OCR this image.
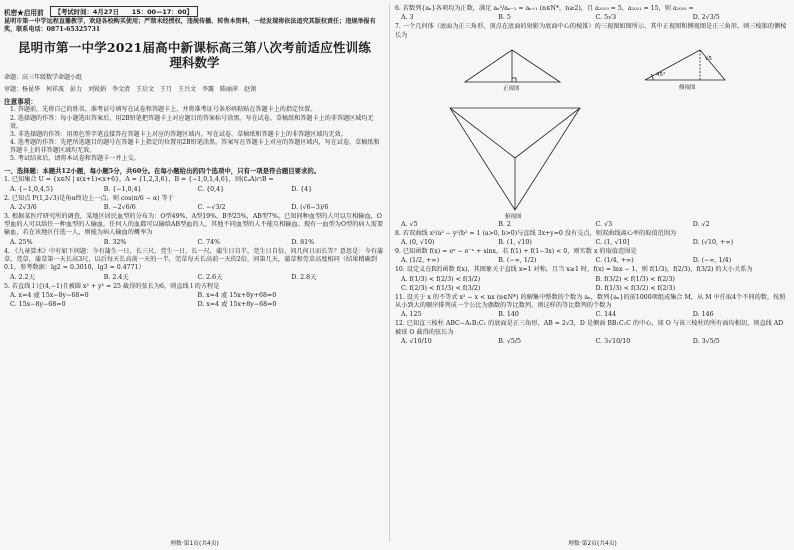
机密★启用前	【考试时间：4月27日　　15：00—17：00】
昆明市第一中学远程直播教学，欢迎各校购买使用；严禁未经授权，违规传播、转售本资料，一经发现将依法追究其版权责任；违规举报有奖，联系电话：0871-65325731
昆明市第一中学2021届高中新课标高三第八次考前适应性训练
理科数学
命题：高三年级数学命题小组
审题：杨昆华　何祥波　彭力　刘锐娟　李文清　王启文　王月　王兴文　李露　陈丽萍　赵翎
注意事项：
1. 答题前，先将自己的姓名、准考证号填写在试卷和答题卡上，并将准考证号条形码粘贴在答题卡上的指定位置。
2. 选择题的作答：每小题选出答案后，用2B铅笔把答题卡上对应题目的答案标号涂黑。写在试卷、草稿纸和答题卡上的非答题区域均无效。
3. 非选择题的作答：用黑色签字笔直接答在答题卡上对应的答题区域内。写在试卷、草稿纸和答题卡上的非答题区域均无效。
4. 选考题的作答：先把所选题目的题号在答题卡上指定的位置用2B铅笔涂黑。答案写在答题卡上对应的答题区域内，写在试卷、草稿纸和答题卡上的非答题区域均无效。
5. 考试结束后，请将本试卷和答题卡一并上交。
一、选择题：本题共12小题，每小题5分，共60分。在每小题给出的四个选项中，只有一项是符合题目要求的。
1. 已知集合 U = {x∈N | x(x+1)<x+6}，A = {1,2,3,6}，B = {−1,0,1,4,6}，则(∁ᵤA)∩B =
A. {−1,0,4,5}	B. {−1,0,4}	C. {0,4}	D. {4}
2. 已知点 P(1,2√3)是角α终边上一点，则 cos(π/6 − α) 等于
A. 2√3/6	B. −2√6/6	C. −√3/2	D. (√6−3)/6
3. 根据某医疗研究所的调查，某地区居民血型的分布为：O型49%，A型19%，B型25%，AB型7%。已知同种血型的人可以互相输血，O型血的人可以给任一种血型的人输血，任何人的血都可以输给AB型血的人，其他不同血型的人不能互相输血。现有一血型为O型的病人需要输血，若在该地区任选一人，则能为病人输血的概率为
A. 25%	B. 32%	C. 74%	D. 81%
4. 《九章算术》中有如下问题：今有蒲生一日，长三尺，莞生一日，长一尺，蒲生日自半，莞生日自倍，问几何日而长等？意思是：今有蒲草、莞草，蒲草第一天长高3尺，以后每天长高前一天的一半，莞草每天长高前一天的2倍，问第几天，蒲草和莞草高度相同（结果精确到0.1，参考数据：lg2 ≈ 0.3010，lg3 ≈ 0.4771）
A. 2.2天	B. 2.4天	C. 2.6天	D. 2.8天
5. 若直线 l 过(4,−1)且被圆 x² + y² = 25 截得的弦长为6，则直线 l 的方程是
A. x=4 或 15x−8y−68=0	B. x=4 或 15x+8y+68=0
C. 15x−8y−68=0	D. x=4 或 15x+8y−68=0
理数·第1页(共4页)
6. 若数列{aₙ}各项均为正数，满足 aₙ²/aₙ₋₁ = aₙ₊₁ (n∈N*，n≥2)，且 a₂₀₁₉ = 5，a₂₀₂₁ = 15，则 a₂₀₂₀ =
A. 3	B. 5	C. 5√3	D. 2√3/5
7. 一个几何体（底面为正三角形，顶点在底面的射影为底面中心的棱锥）的三视图如图所示，其中正视图和侧视图是正三角形，则三棱锥的侧棱长为
正视图	侧视图
俯视图
√5
45°
A. √5	B. 2	C. √3	D. √2
8. 若双曲线 x²/a² − y²/b² = 1 (a>0, b>0)与直线 3x+y=0 没有交点，则双曲线离心率的取值范围为
A. (0, √10)	B. (1, √10)	C. (1, √10]	D. (√10, +∞)
9. 已知函数 f(x) = eˣ − e⁻ˣ + sinx，若 f(1) + f(1−3x) < 0，则实数 x 的取值范围是
A. (1/2, +∞)	B. (−∞, 1/2)	C. (1/4, +∞)	D. (−∞, 1/4)
10. 设定义在R的函数 f(x)，其图象关于直线 x=1 对称，且当 x≥1 时，f(x) = lnx − 1，则 f(1/3)，f(2/3)，f(3/2) 的大小关系为
A. f(1/3) < f(2/3) < f(3/2)	B. f(3/2) < f(1/3) < f(2/3)
C. f(2/3) < f(1/3) < f(3/2)	D. f(1/3) < f(3/2) < f(2/3)
11. 设关于 x 的不等式 x² − x < nx (n∈N*) 的解集中整数的个数为 aₙ，数列{aₙ}的前1000项组成集合 M，从 M 中任取4个不同的数，按照从小到大的顺序排列成一个公比为偶数的等比数列，则这样的等比数列的个数为
A. 125	B. 140	C. 144	D. 146
12. 已知直三棱柱 ABC−A₁B₁C₁ 的底面是正三角形，AB = 2√3，D 是侧面 BB₁C₁C 的中心，球 O 与该三棱柱的所有面均相切，则直线 AD 被球 O 截得的弦长为
A. √10/10	B. √5/5	C. 3√10/10	D. 3√5/5
理数·第2页(共4页)
